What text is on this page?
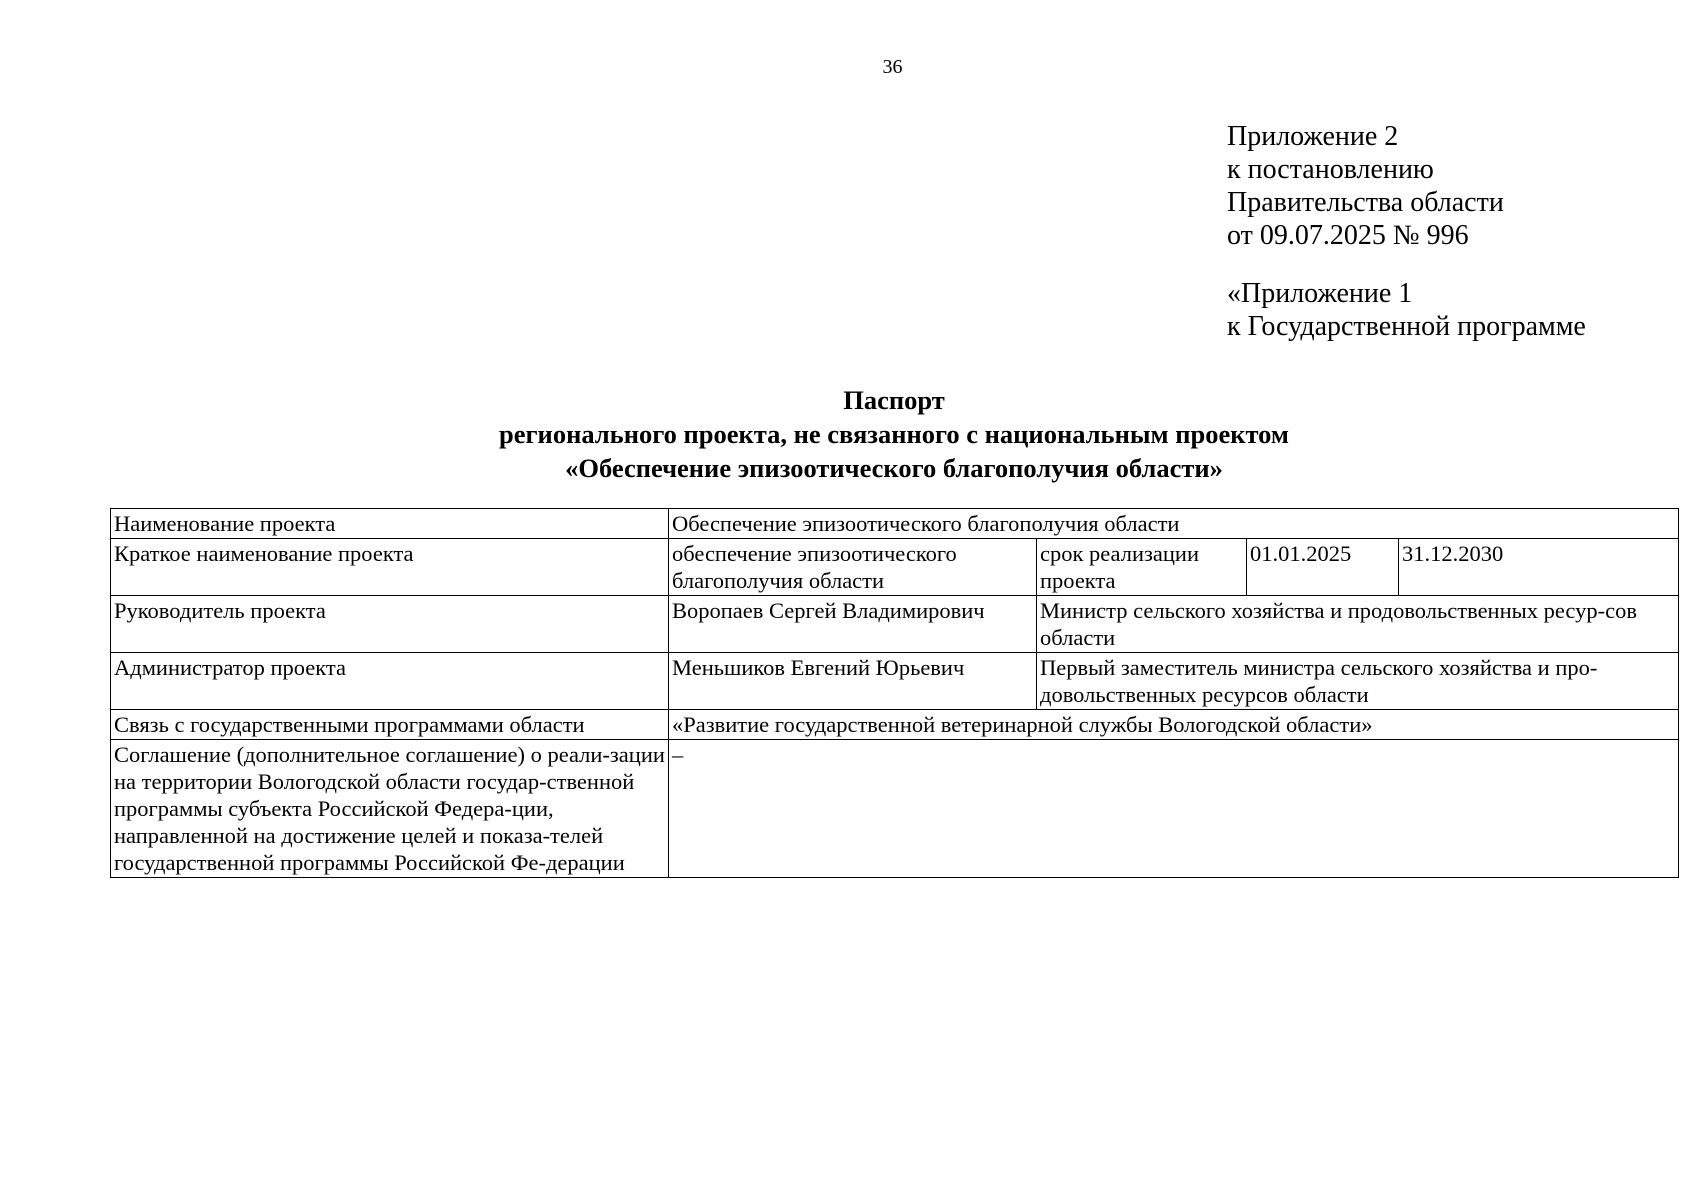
36
Приложение 2
к постановлению
Правительства области
от 09.07.2025 № 996
«Приложение 1
к Государственной программе
Паспорт
регионального проекта, не связанного с национальным проектом
«Обеспечение эпизоотического благополучия области»
Наименование проекта	Обеспечение эпизоотического благополучия области			
Краткое наименование проекта	обеспечение эпизоотического благополучия области	срок реализации проекта	01.01.2025	31.12.2030
Руководитель проекта	Воропаев Сергей Владимирович	Министр сельского хозяйства и продовольственных ресур-сов области		
Администратор проекта	Меньшиков Евгений Юрьевич	Первый заместитель министра сельского хозяйства и про-довольственных ресурсов области		
Связь с государственными программами области	«Развитие государственной ветеринарной службы Вологодской области»			
Соглашение (дополнительное соглашение) о реали-зации на территории Вологодской области государ-ственной программы субъекта Российской Федера-ции, направленной на достижение целей и показа-телей государственной программы Российской Фе-дерации	–			
